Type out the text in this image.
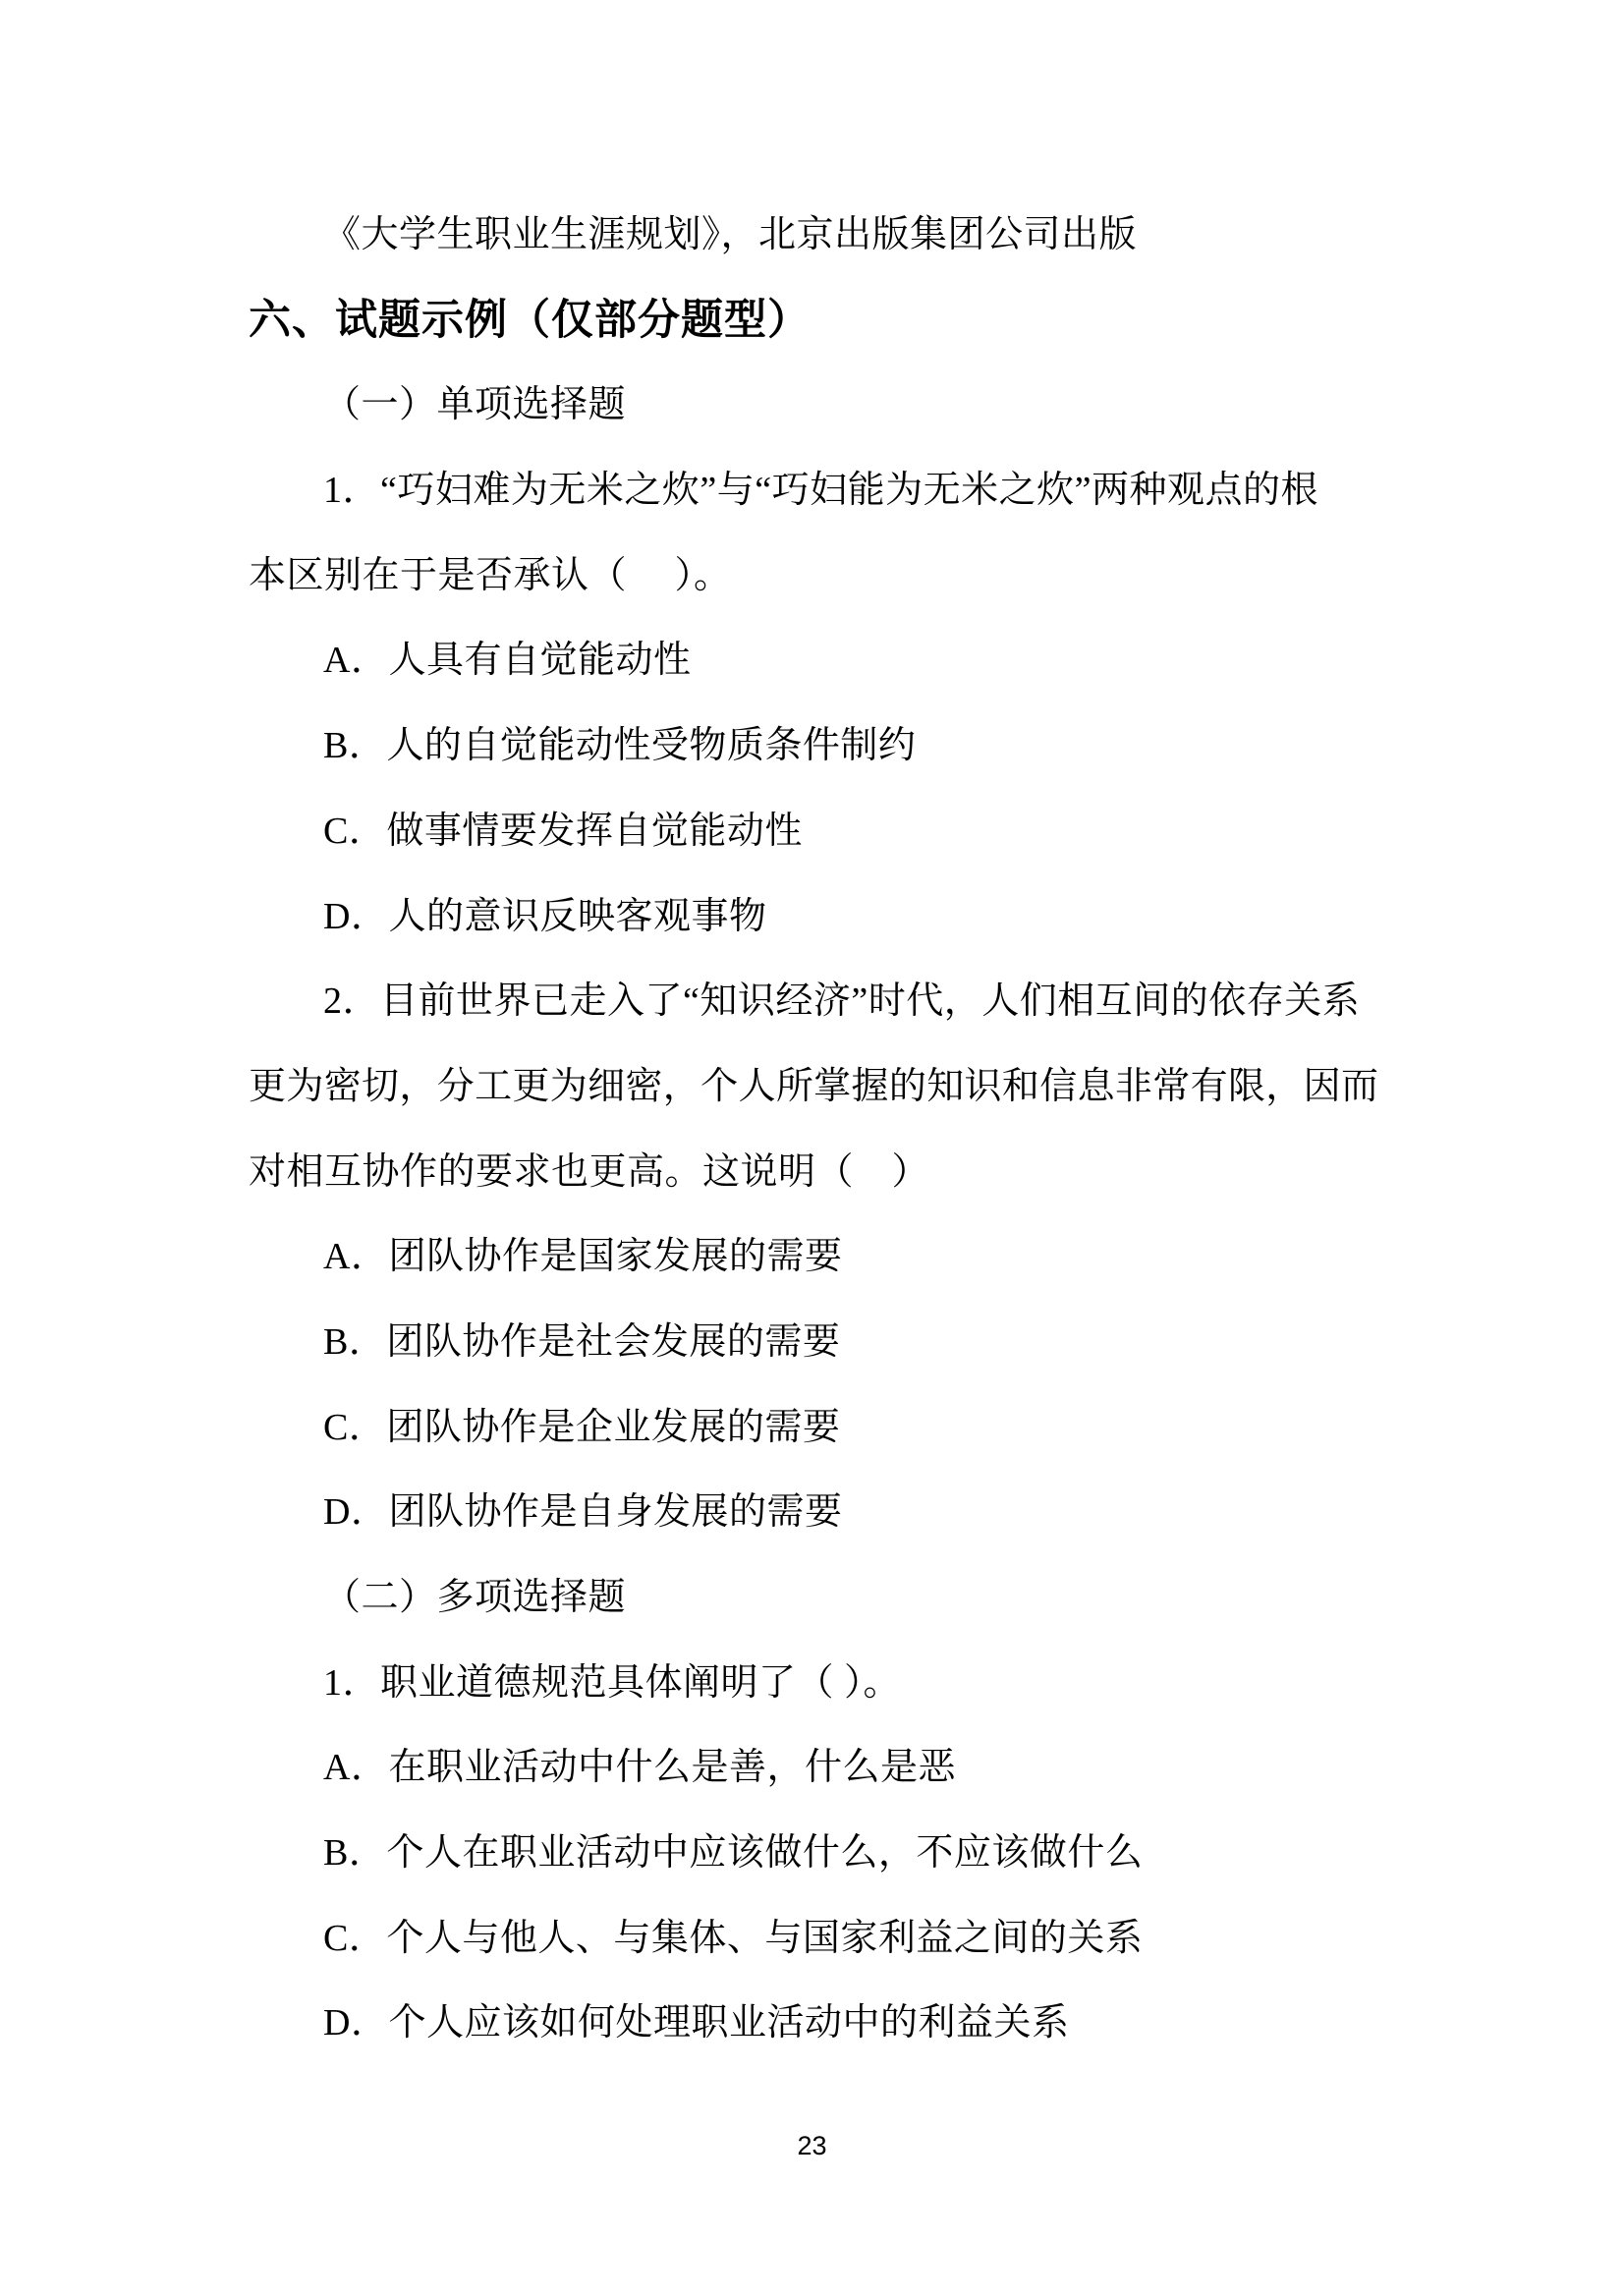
《大学生职业生涯规划》，北京出版集团公司出版
六、试题示例（仅部分题型）
（一）单项选择题
1．“巧妇难为无米之炊”与“巧妇能为无米之炊”两种观点的根
本区别在于是否承认（　 ）。
A．人具有自觉能动性
B．人的自觉能动性受物质条件制约
C．做事情要发挥自觉能动性
D．人的意识反映客观事物
2．目前世界已走入了“知识经济”时代，人们相互间的依存关系
更为密切，分工更为细密，个人所掌握的知识和信息非常有限，因而
对相互协作的要求也更高。这说明（　）
A．团队协作是国家发展的需要
B．团队协作是社会发展的需要
C．团队协作是企业发展的需要
D．团队协作是自身发展的需要
（二）多项选择题
1．职业道德规范具体阐明了（ ）。
A．在职业活动中什么是善，什么是恶
B．个人在职业活动中应该做什么，不应该做什么
C．个人与他人、与集体、与国家利益之间的关系
D．个人应该如何处理职业活动中的利益关系
23
